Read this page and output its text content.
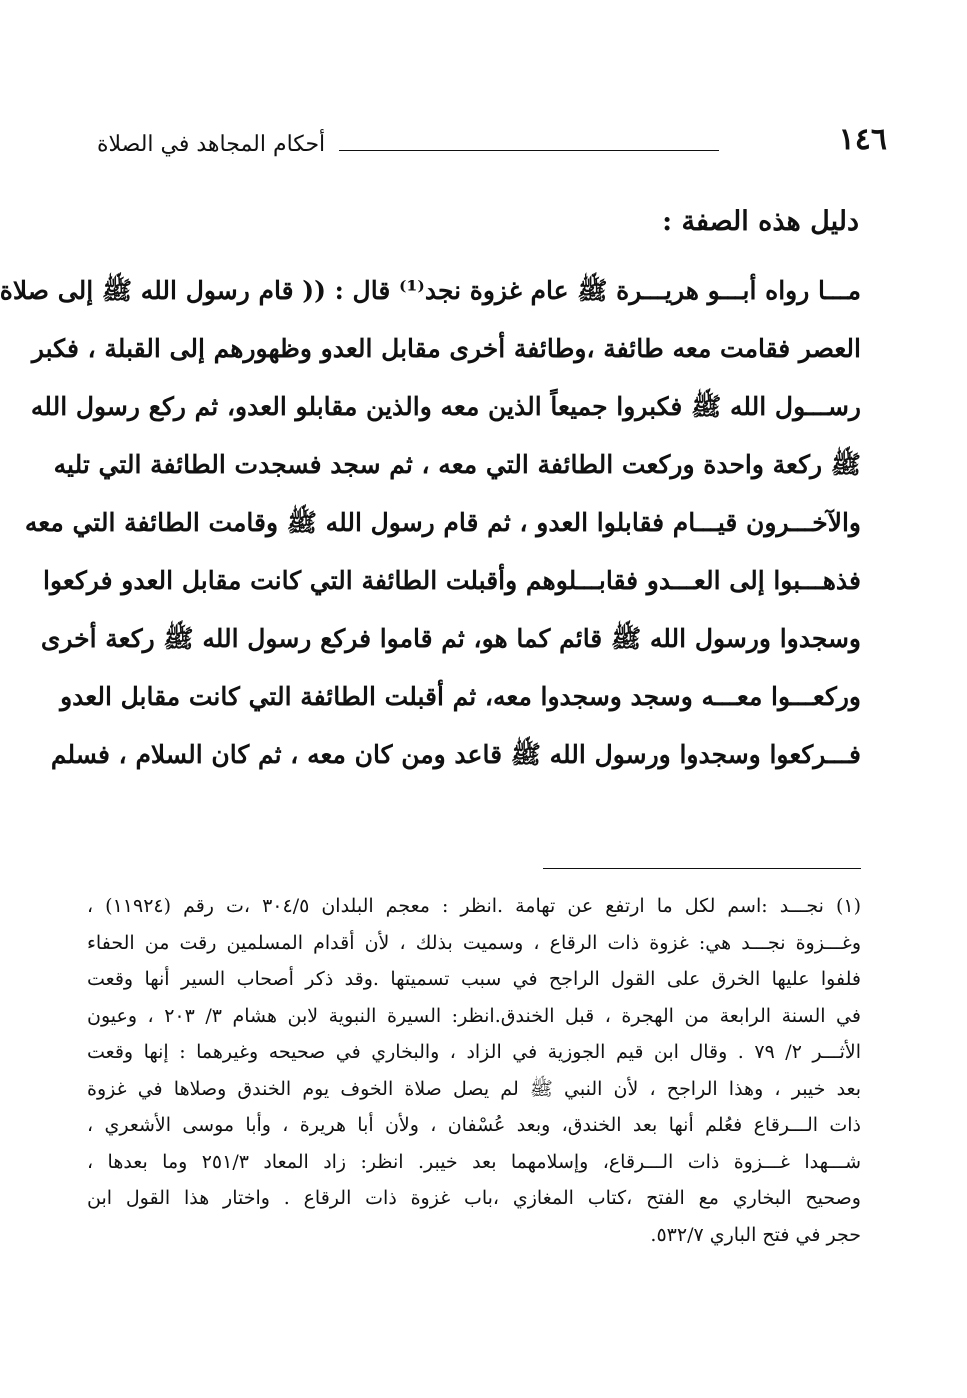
أحكام المجاهد في الصلاة	١٤٦
دليل هذه الصفة :
مـــا رواه أبـــو هريـــرة ﷺ عام غزوة نجد⁽¹⁾ قال : (( قام رسول الله ﷺ إلى صلاة
العصر فقامت معه طائفة ،وطائفة أخرى مقابل العدو وظهورهم إلى القبلة ، فكبر
رســـول الله ﷺ فكبروا جميعاً الذين معه والذين مقابلو العدو، ثم ركع رسول الله
ﷺ ركعة واحدة وركعت الطائفة التي معه ، ثم سجد فسجدت الطائفة التي تليه
والآخـــرون قيـــام فقابلوا العدو ، ثم قام رسول الله ﷺ وقامت الطائفة التي معه
فذهـــبوا إلى العـــدو فقابـــلوهم وأقبلت الطائفة التي كانت مقابل العدو فركعوا
وسجدوا ورسول الله ﷺ قائم كما هو، ثم قاموا فركع رسول الله ﷺ ركعة أخرى
وركعـــوا معـــه وسجد وسجدوا معه، ثم أقبلت الطائفة التي كانت مقابل العدو
فـــركعوا وسجدوا ورسول الله ﷺ قاعد ومن كان معه ، ثم كان السلام ، فسلم
(١) نجـــد :اسم لكل ما ارتفع عن تهامة .انظر : معجم البلدان ٣٠٤/٥ ،ت رقم (١١٩٢٤) ،
وغـــزوة نجـــد هي: غزوة ذات الرقاع ، وسميت بذلك ، لأن أقدام المسلمين رقت من الحفاء
فلفوا عليها الخرق على القول الراجح في سبب تسميتها .وقد ذكر أصحاب السير أنها وقعت
في السنة الرابعة من الهجرة ، قبل الخندق.انظر: السيرة النبوية لابن هشام ٣/ ٢٠٣ ، وعيون
الأثـــر ٢/ ٧٩ . وقال ابن قيم الجوزية في الزاد ، والبخاري في صحيحه وغيرهما : إنها وقعت
بعد خيبر ، وهذا الراجح ، لأن النبي ﷺ لم يصل صلاة الخوف يوم الخندق وصلاها في غزوة
ذات الـــرقاع فعُلم أنها بعد الخندق، وبعد عُسْفان ، ولأن أبا هريرة ، وأبا موسى الأشعري ،
شـــهدا غـــزوة ذات الـــرقاع، وإسلامهما بعد خيبر. انظر: زاد المعاد ٢٥١/٣ وما بعدها ،
وصحيح البخاري مع الفتح ،كتاب المغازي ،باب غزوة ذات الرقاع . واختار هذا القول ابن
حجر في فتح الباري ٥٣٢/٧.
